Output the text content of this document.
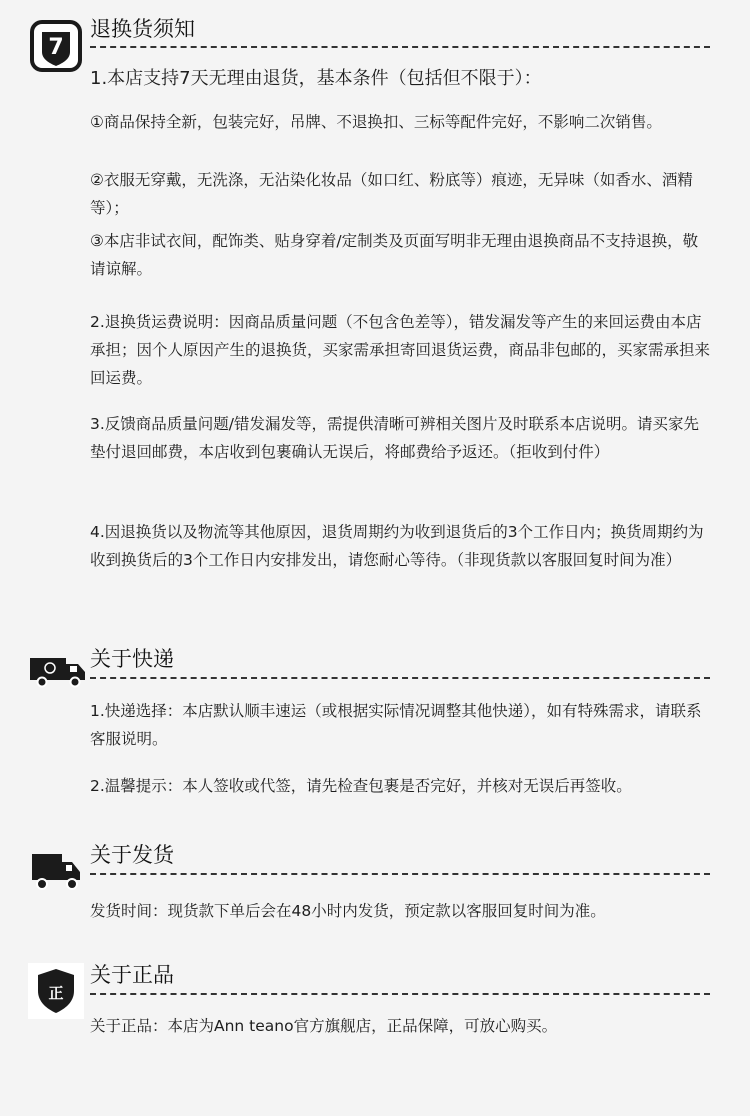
7
退换货须知
1.本店支持7天无理由退货，基本条件（包括但不限于）：
①商品保持全新，包装完好，吊牌、不退换扣、三标等配件完好，不影响二次销售。
②衣服无穿戴，无洗涤，无沾染化妆品（如口红、粉底等）痕迹，无异味（如香水、酒精等）；
③本店非试衣间，配饰类、贴身穿着/定制类及页面写明非无理由退换商品不支持退换，敬请谅解。
2.退换货运费说明：因商品质量问题（不包含色差等），错发漏发等产生的来回运费由本店承担；因个人原因产生的退换货，买家需承担寄回退货运费，商品非包邮的，买家需承担来回运费。
3.反馈商品质量问题/错发漏发等，需提供清晰可辨相关图片及时联系本店说明。请买家先垫付退回邮费，本店收到包裹确认无误后，将邮费给予返还。（拒收到付件）
4.因退换货以及物流等其他原因，退货周期约为收到退货后的3个工作日内；换货周期约为收到换货后的3个工作日内安排发出，请您耐心等待。（非现货款以客服回复时间为准）
关于快递
1.快递选择：本店默认顺丰速运（或根据实际情况调整其他快递），如有特殊需求，请联系客服说明。
2.温馨提示：本人签收或代签，请先检查包裹是否完好，并核对无误后再签收。
关于发货
发货时间：现货款下单后会在48小时内发货，预定款以客服回复时间为准。
正
关于正品
关于正品：本店为Ann teano官方旗舰店，正品保障，可放心购买。
